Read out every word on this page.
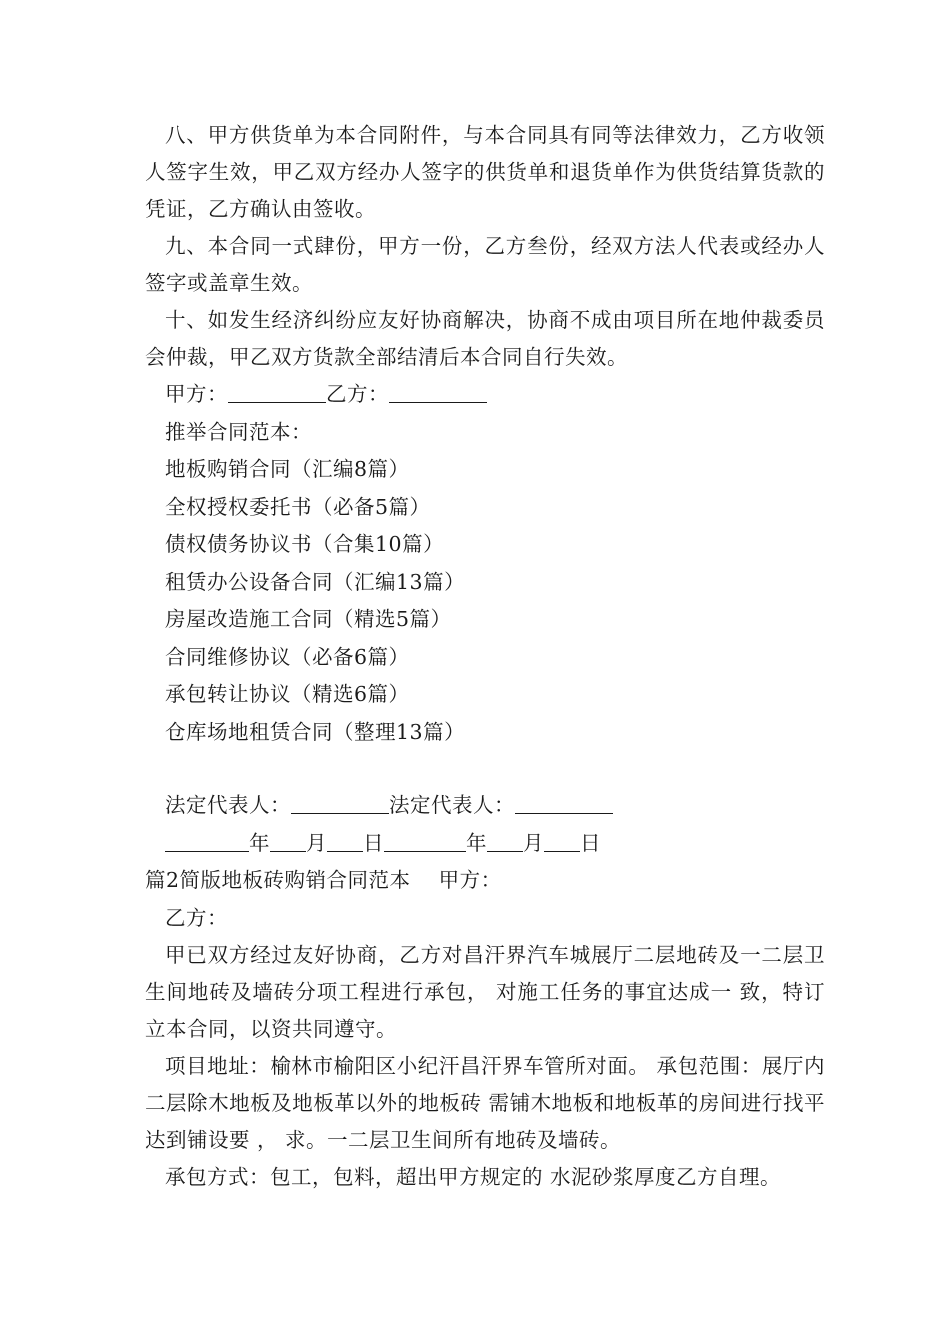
八、甲方供货单为本合同附件，与本合同具有同等法律效力，乙方收领人签字生效，甲乙双方经办人签字的供货单和退货单作为供货结算货款的凭证，乙方确认由签收。

九、本合同一式肆份，甲方一份，乙方叁份，经双方法人代表或经办人签字或盖章生效。

十、如发生经济纠纷应友好协商解决，协商不成由项目所在地仲裁委员会仲裁，甲乙双方货款全部结清后本合同自行失效。

甲方：	乙方：

推举合同范本：

地板购销合同（汇编8篇）

全权授权委托书（必备5篇）

债权债务协议书（合集10篇）

租赁办公设备合同（汇编13篇）

房屋改造施工合同（精选5篇）

合同维修协议（必备6篇）

承包转让协议（精选6篇）

仓库场地租赁合同（整理13篇）

法定代表人：	法定代表人：

年 月 日	年 月 日

篇2简版地板砖购销合同范本 甲方：

乙方：

甲已双方经过友好协商，乙方对昌汗界汽车城展厅二层地砖及一二层卫生间地砖及墙砖分项工程进行承包， 对施工任务的事宜达成一 致，特订立本合同，以资共同遵守。

项目地址：榆林市榆阳区小纪汗昌汗界车管所对面。 承包范围：展厅内二层除木地板及地板革以外的地板砖 需铺木地板和地板革的房间进行找平达到铺设要 ， 求。一二层卫生间所有地砖及墙砖。

承包方式：包工，包料，超出甲方规定的 水泥砂浆厚度乙方自理。
